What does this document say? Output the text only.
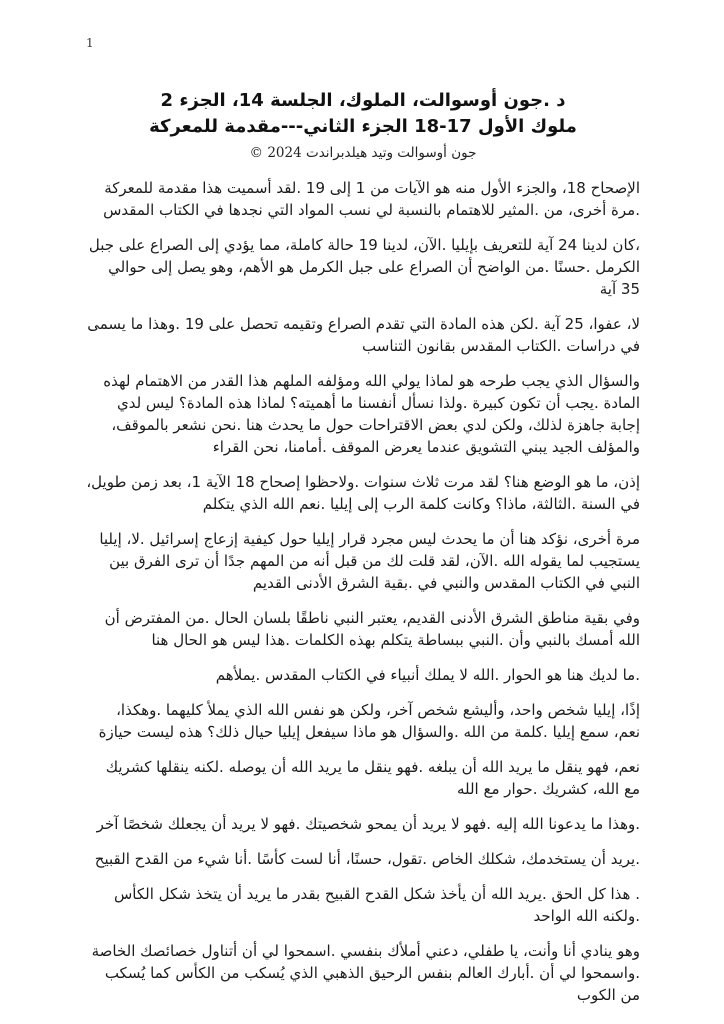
1
د .جون أوسوالت، الملوك، الجلسة 14، الجزء 2
ملوك الأول 17-18 الجزء الثاني---مقدمة للمعركة
جون أوسوالت وتيد هيلدبراندت 2024 ©

الإصحاح 18، والجزء الأول منه هو الآيات من 1 إلى 19 .لقد أسميت هذا مقدمة للمعركة .مرة أخرى، من .المثير للاهتمام بالنسبة لي نسب المواد التي نجدها في الكتاب المقدس

،كان لدينا 24 آية للتعريف بإيليا .الآن، لدينا 19 حالة كاملة، مما يؤدي إلى الصراع على جبل الكرمل .حسنًا .من الواضح أن الصراع على جبل الكرمل هو الأهم، وهو يصل إلى حوالي 35 آية

لا، عفوا، 25 آية .لكن هذه المادة التي تقدم الصراع وتقيمه تحصل على 19 .وهذا ما يسمى في دراسات .الكتاب المقدس بقانون التناسب

والسؤال الذي يجب طرحه هو لماذا يولي الله ومؤلفه الملهم هذا القدر من الاهتمام لهذه المادة .يجب أن تكون كبيرة .ولذا نسأل أنفسنا ما أهميته؟ لماذا هذه المادة؟ ليس لدي إجابة جاهزة لذلك، ولكن لدي بعض الاقتراحات حول ما يحدث هنا .نحن نشعر بالموقف، والمؤلف الجيد يبني التشويق عندما يعرض الموقف .أمامنا، نحن القراء

إذن، ما هو الوضع هنا؟ لقد مرت ثلاث سنوات .ولاحظوا إصحاح 18 الآية 1، بعد زمن طويل، في السنة .الثالثة، ماذا؟ وكانت كلمة الرب إلى إيليا .نعم الله الذي يتكلم

مرة أخرى، نؤكد هنا أن ما يحدث ليس مجرد قرار إيليا حول كيفية إزعاج إسرائيل .لا، إيليا يستجيب لما يقوله الله .الآن، لقد قلت لك من قبل أنه من المهم جدًا أن ترى الفرق بين النبي في الكتاب المقدس والنبي في .بقية الشرق الأدنى القديم

وفي بقية مناطق الشرق الأدنى القديم، يعتبر النبي ناطقًا بلسان الحال .من المفترض أن الله أمسك بالنبي وأن .النبي ببساطة يتكلم بهذه الكلمات .هذا ليس هو الحال هنا

.ما لديك هنا هو الحوار .الله لا يملك أنبياء في الكتاب المقدس .يملأهم

إذًا، إيليا شخص واحد، وأليشع شخص آخر، ولكن هو نفس الله الذي يملأ كليهما .وهكذا، نعم، سمع إيليا .كلمة من الله .والسؤال هو ماذا سيفعل إيليا حيال ذلك؟ هذه ليست حيازة

نعم، فهو ينقل ما يريد الله أن يبلغه .فهو ينقل ما يريد الله أن يوصله .لكنه ينقلها كشريك مع الله، كشريك .حوار مع الله

.وهذا ما يدعونا الله إليه .فهو لا يريد أن يمحو شخصيتك .فهو لا يريد أن يجعلك شخصًا آخر

.يريد أن يستخدمك، شكلك الخاص .تقول، حسنًا، أنا لست كأسًا .أنا شيء من القدح القبيح

. هذا كل الحق .يريد الله أن يأخذ شكل القدح القبيح بقدر ما يريد أن يتخذ شكل الكأس .ولكنه الله الواحد

وهو ينادي أنا وأنت، يا طفلي، دعني أملأك بنفسي .اسمحوا لي أن أتناول خصائصك الخاصة .واسمحوا لي أن .أبارك العالم بنفس الرحيق الذهبي الذي يُسكب من الكأس كما يُسكب من الكوب
